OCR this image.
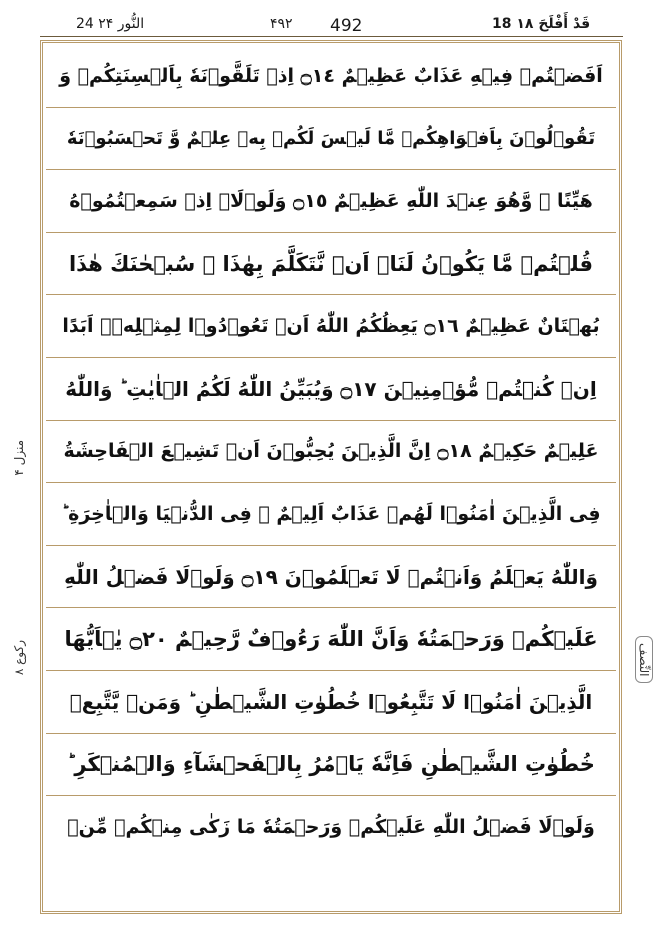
24 النُّور ۲۴	۴۹۲ 492	18 قَدْ أَفْلَحَ ۱۸
منزل ۴
ركوع ۸	النِّصف
اَفَضۡتُمۡ فِيۡهِ عَذَابٌ عَظِيۡمٌ ۝١٤ اِذۡ تَلَقَّوۡنَهٗ بِاَلۡسِنَتِكُمۡ وَ
تَقُوۡلُوۡنَ بِاَفۡوَاهِكُمۡ مَّا لَيۡسَ لَكُمۡ بِهٖ عِلۡمٌ وَّ تَحۡسَبُوۡنَهٗ
هَيِّنًا ۖ وَّهُوَ عِنۡدَ اللّٰهِ عَظِيۡمٌ ۝١٥ وَلَوۡلَاۤ اِذۡ سَمِعۡتُمُوۡهُ
قُلۡتُمۡ مَّا يَكُوۡنُ لَنَاۤ اَنۡ نَّتَكَلَّمَ بِهٰذَا ۖ سُبۡحٰنَكَ هٰذَا
بُهۡتَانٌ عَظِيۡمٌ ۝١٦ يَعِظُكُمُ اللّٰهُ اَنۡ تَعُوۡدُوۡا لِمِثۡلِهٖۤ اَبَدًا
اِنۡ كُنۡتُمۡ مُّؤۡمِنِيۡنَ ۝١٧ وَيُبَيِّنُ اللّٰهُ لَكُمُ الۡاٰيٰتِ ؕ وَاللّٰهُ
عَلِيۡمٌ حَكِيۡمٌ ۝١٨ اِنَّ الَّذِيۡنَ يُحِبُّوۡنَ اَنۡ تَشِيۡعَ الۡفَاحِشَةُ
فِى الَّذِيۡنَ اٰمَنُوۡا لَهُمۡ عَذَابٌ اَلِيۡمٌ ۙ فِى الدُّنۡيَا وَالۡاٰخِرَةِ ؕ
وَاللّٰهُ يَعۡلَمُ وَاَنۡتُمۡ لَا تَعۡلَمُوۡنَ ۝١٩ وَلَوۡلَا فَضۡلُ اللّٰهِ
عَلَيۡكُمۡ وَرَحۡمَتُهٗ وَاَنَّ اللّٰهَ رَءُوۡفٌ رَّحِيۡمٌ ۝٢٠ يٰۤاَيُّهَا
الَّذِيۡنَ اٰمَنُوۡا لَا تَتَّبِعُوۡا خُطُوٰتِ الشَّيۡطٰنِ ؕ وَمَنۡ يَّتَّبِعۡ
خُطُوٰتِ الشَّيۡطٰنِ فَاِنَّهٗ يَاۡمُرُ بِالۡفَحۡشَآءِ وَالۡمُنۡكَرِ ؕ
وَلَوۡلَا فَضۡلُ اللّٰهِ عَلَيۡكُمۡ وَرَحۡمَتُهٗ مَا زَكٰى مِنۡكُمۡ مِّنۡ
